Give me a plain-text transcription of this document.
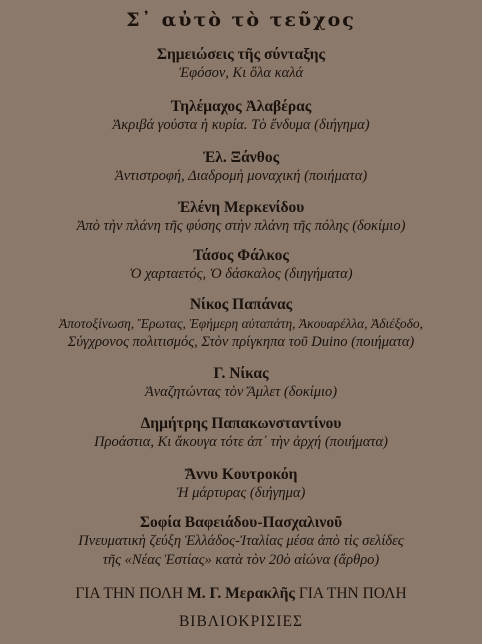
Σ᾽ αὐτὸ τὸ τεῦχος
Σημειώσεις τῆς σύνταξης
Ἐφόσον, Κι ὅλα καλά
Τηλέμαχος Ἀλαβέρας
Ἀκριβά γούστα ἡ κυρία. Τὸ ἔνδυμα (διήγημα)
Ἐλ. Ξάνθος
Ἀντιστροφή, Διαδρομὴ μοναχική (ποιήματα)
Ἐλένη Μερκενίδου
Ἀπὸ τὴν πλάνη τῆς φύσης στὴν πλάνη τῆς πόλης (δοκίμιο)
Τάσος Φάλκος
Ὁ χαρταετός, Ὁ δάσκαλος (διηγήματα)
Νίκος Παπάνας
Ἀποτοξίνωση, Ἔρωτας, Ἐφήμερη αὐταπάτη, Ἀκουαρέλλα, Ἀδιέξοδο,
Σύγχρονος πολιτισμός, Στὸν πρίγκηπα τοῦ Duino (ποιήματα)
Γ. Νίκας
Ἀναζητώντας τὸν Ἄμλετ (δοκίμιο)
Δημήτρης Παπακωνσταντίνου
Προάστια, Κι ἄκουγα τότε ἀπ᾽ τὴν ἀρχή (ποιήματα)
Ἄννυ Κουτροκόη
Ἡ μάρτυρας (διήγημα)
Σοφία Βαφειάδου-Πασχαλινοῦ
Πνευματικὴ ζεύξη Ἑλλάδος-Ἰταλίας μέσα ἀπὸ τὶς σελίδες
τῆς «Νέας Ἑστίας» κατὰ τὸν 20ὸ αἰώνα (ἄρθρο)
ΓΙΑ ΤΗΝ ΠΟΛΗ Μ. Γ. Μερακλῆς ΓΙΑ ΤΗΝ ΠΟΛΗ
ΒΙΒΛΙΟΚΡΙΣΙΕΣ
